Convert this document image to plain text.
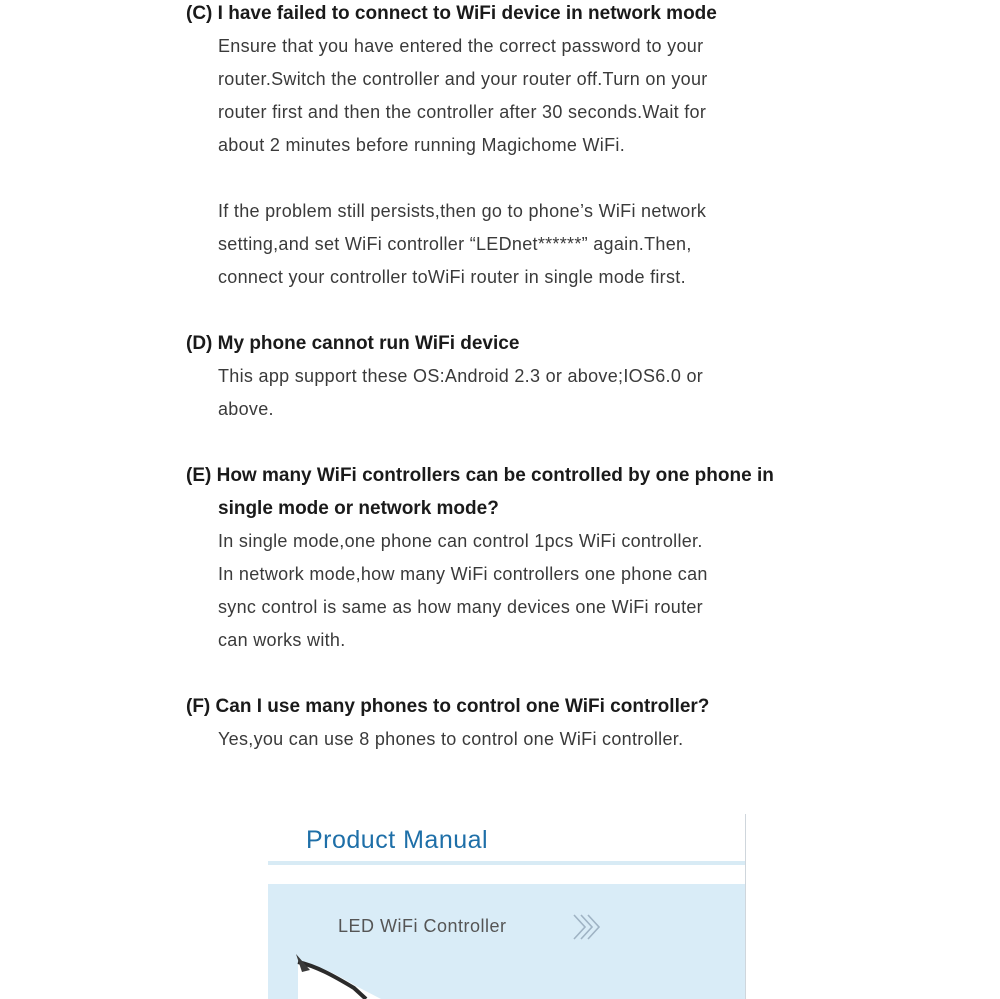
(C) I have failed to connect to WiFi device in network mode
Ensure that you have entered the correct password to your
router.Switch the controller and your router off.Turn on your
router first and then the controller after 30 seconds.Wait for
about 2 minutes before running Magichome WiFi.
If the problem still persists,then go to phone’s WiFi network
setting,and set WiFi controller “LEDnet******” again.Then,
connect your controller toWiFi router in single mode first.
(D) My phone cannot run WiFi device
This app support these OS:Android 2.3 or above;IOS6.0 or
above.
(E) How many WiFi controllers can be controlled by one phone in
single mode or network mode?
In single mode,one phone can control 1pcs WiFi controller.
In network mode,how many WiFi controllers one phone can
sync control is same as how many devices one WiFi router
can works with.
(F) Can I use many phones to control one WiFi controller?
Yes,you can use 8 phones to control one WiFi controller.
Product Manual
LED WiFi Controller
